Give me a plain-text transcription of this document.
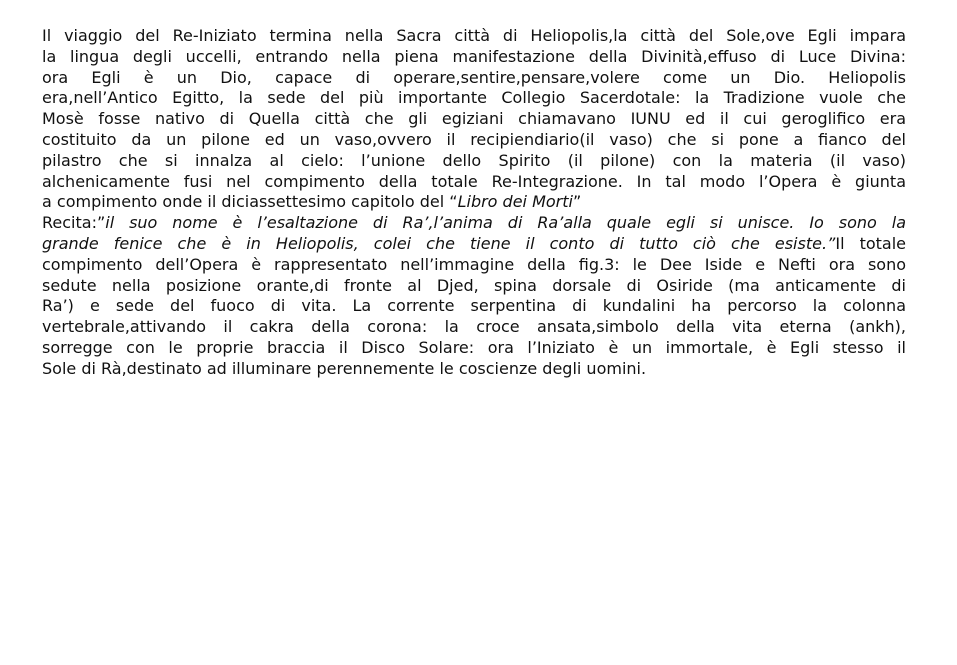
Il viaggio del Re-Iniziato termina nella Sacra città di Heliopolis,la città del Sole,ove Egli impara
la lingua degli uccelli, entrando nella piena manifestazione della Divinità,effuso di Luce Divina:
ora Egli è un Dio, capace di operare,sentire,pensare,volere come un Dio. Heliopolis
era,nell’Antico Egitto, la sede del più importante Collegio Sacerdotale: la Tradizione vuole che
Mosè fosse nativo di Quella città che gli egiziani chiamavano IUNU ed il cui geroglifico era
costituito da un pilone ed un vaso,ovvero il recipiendiario(il vaso) che si pone a fianco del
pilastro che si innalza al cielo: l’unione dello Spirito (il pilone) con la materia (il vaso)
alchenicamente fusi nel compimento della totale Re-Integrazione. In tal modo l’Opera è giunta
a compimento onde il diciassettesimo capitolo del “Libro dei Morti”
Recita:”il suo nome è l’esaltazione di Ra’,l’anima di Ra’alla quale egli si unisce. Io sono la
grande fenice che è in Heliopolis, colei che tiene il conto di tutto ciò che esiste.”Il totale
compimento dell’Opera è rappresentato nell’immagine della fig.3: le Dee Iside e Nefti ora sono
sedute nella posizione orante,di fronte al Djed, spina dorsale di Osiride (ma anticamente di
Ra’) e sede del fuoco di vita. La corrente serpentina di kundalini ha percorso la colonna
vertebrale,attivando il cakra della corona: la croce ansata,simbolo della vita eterna (ankh),
sorregge con le proprie braccia il Disco Solare: ora l’Iniziato è un immortale, è Egli stesso il
Sole di Rà,destinato ad illuminare perennemente le coscienze degli uomini.
